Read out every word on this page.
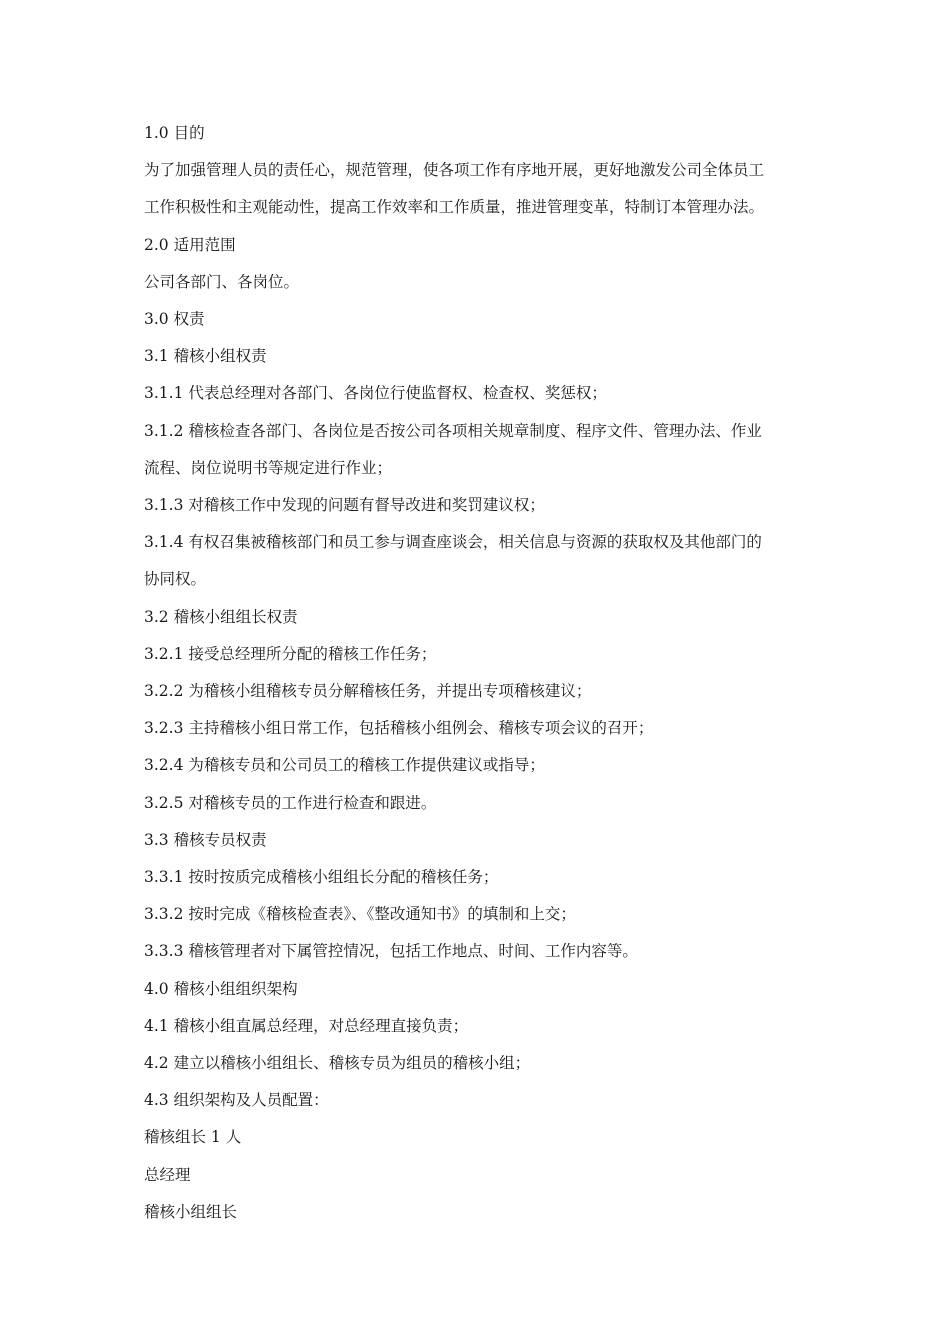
1.0 目的

为了加强管理人员的责任心，规范管理，使各项工作有序地开展，更好地激发公司全体员工

工作积极性和主观能动性，提高工作效率和工作质量，推进管理变革，特制订本管理办法。

2.0 适用范围

公司各部门、各岗位。

3.0 权责

3.1 稽核小组权责

3.1.1 代表总经理对各部门、各岗位行使监督权、检查权、奖惩权；

3.1.2 稽核检查各部门、各岗位是否按公司各项相关规章制度、程序文件、管理办法、作业

流程、岗位说明书等规定进行作业；

3.1.3 对稽核工作中发现的问题有督导改进和奖罚建议权；

3.1.4 有权召集被稽核部门和员工参与调查座谈会，相关信息与资源的获取权及其他部门的

协同权。

3.2 稽核小组组长权责

3.2.1 接受总经理所分配的稽核工作任务；

3.2.2 为稽核小组稽核专员分解稽核任务，并提出专项稽核建议；

3.2.3 主持稽核小组日常工作，包括稽核小组例会、稽核专项会议的召开；

3.2.4 为稽核专员和公司员工的稽核工作提供建议或指导；

3.2.5 对稽核专员的工作进行检查和跟进。

3.3 稽核专员权责

3.3.1 按时按质完成稽核小组组长分配的稽核任务；

3.3.2 按时完成《稽核检查表》、《整改通知书》的填制和上交；

3.3.3 稽核管理者对下属管控情况，包括工作地点、时间、工作内容等。

4.0 稽核小组组织架构

4.1 稽核小组直属总经理，对总经理直接负责；

4.2 建立以稽核小组组长、稽核专员为组员的稽核小组；

4.3 组织架构及人员配置：

稽核组长 1 人

总经理

稽核小组组长
